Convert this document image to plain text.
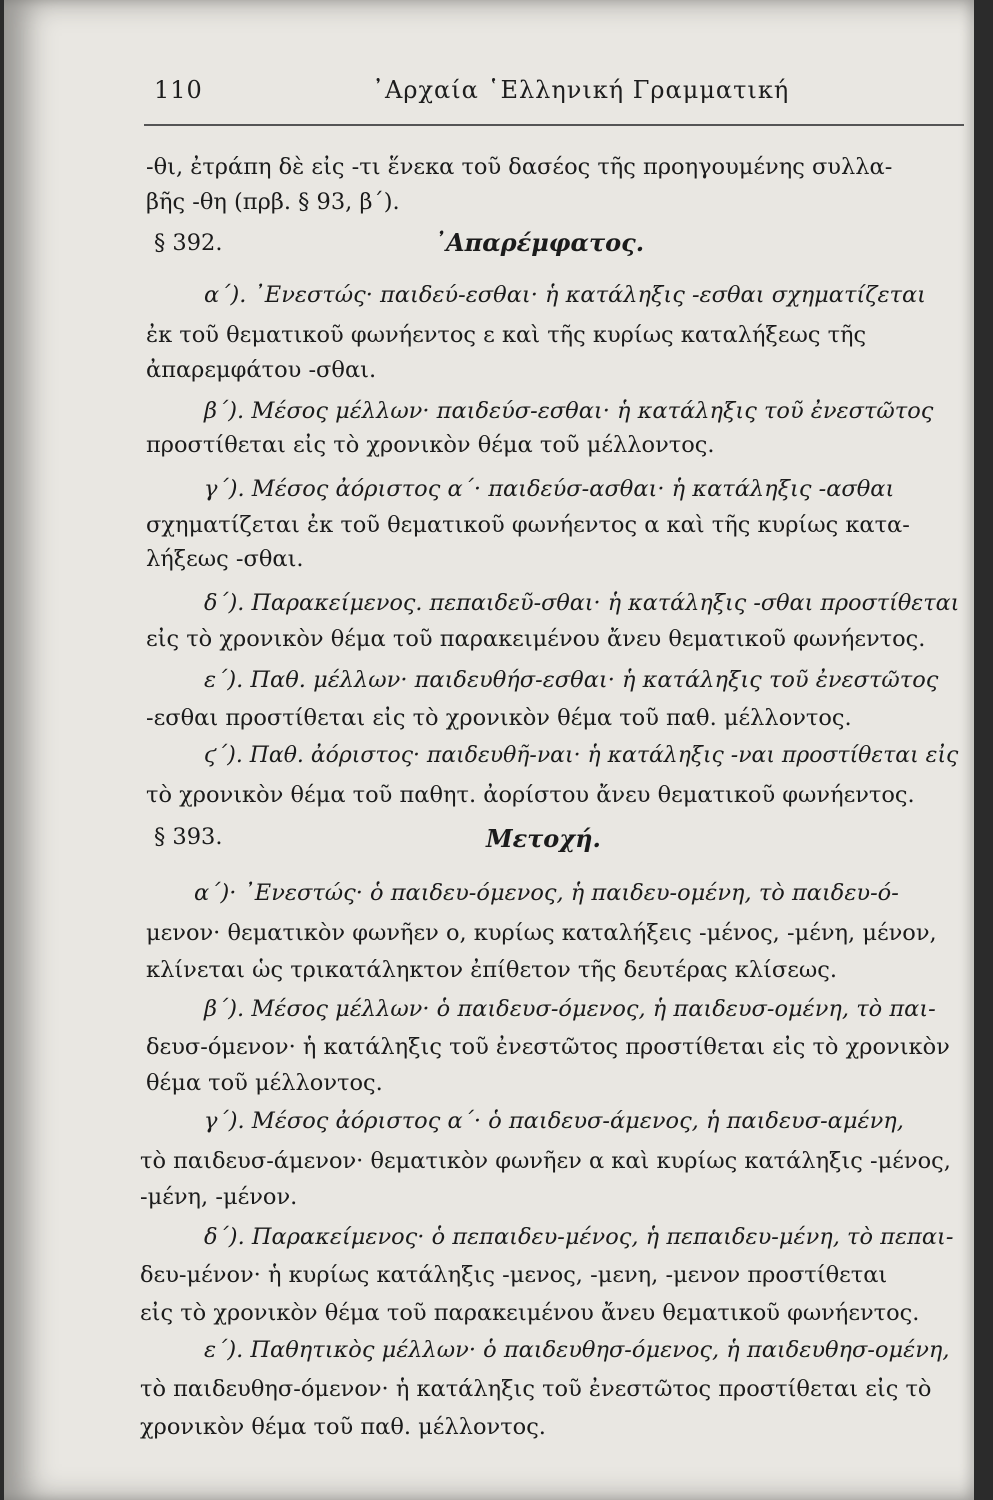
110	᾽Αρχαία ῾Ελληνική Γραμματική
-θι, ἐτράπη δὲ εἰς -τι ἕνεκα τοῦ δασέος τῆς προηγουμένης συλλα-
βῆς -θη (πρβ. § 93, β΄).
§ 392.	᾽Απαρέμφατος.
α΄). ᾽Ενεστώς· παιδεύ-εσθαι· ἡ κατάληξις -εσθαι σχηματίζεται
ἐκ τοῦ θεματικοῦ φωνήεντος ε καὶ τῆς κυρίως καταλήξεως τῆς
ἀπαρεμφάτου -σθαι.
β΄). Μέσος μέλλων· παιδεύσ-εσθαι· ἡ κατάληξις τοῦ ἐνεστῶτος
προστίθεται εἰς τὸ χρονικὸν θέμα τοῦ μέλλοντος.
γ΄). Μέσος ἀόριστος α΄· παιδεύσ-ασθαι· ἡ κατάληξις -ασθαι
σχηματίζεται ἐκ τοῦ θεματικοῦ φωνήεντος α καὶ τῆς κυρίως κατα-
λήξεως -σθαι.
δ΄). Παρακείμενος. πεπαιδεῦ-σθαι· ἡ κατάληξις -σθαι προστίθεται
εἰς τὸ χρονικὸν θέμα τοῦ παρακειμένου ἄνευ θεματικοῦ φωνήεντος.
ε΄). Παθ. μέλλων· παιδευθήσ-εσθαι· ἡ κατάληξις τοῦ ἐνεστῶτος
-εσθαι προστίθεται εἰς τὸ χρονικὸν θέμα τοῦ παθ. μέλλοντος.
ϛ΄). Παθ. ἀόριστος· παιδευθῆ-ναι· ἡ κατάληξις -ναι προστίθεται εἰς
τὸ χρονικὸν θέμα τοῦ παθητ. ἀορίστου ἄνευ θεματικοῦ φωνήεντος.
§ 393.	Μετοχή.
α΄)· ᾽Ενεστώς· ὁ παιδευ-όμενος, ἡ παιδευ-ομένη, τὸ παιδευ-ό-
μενον· θεματικὸν φωνῆεν ο, κυρίως καταλήξεις -μένος, -μένη, μένον,
κλίνεται ὡς τρικατάληκτον ἐπίθετον τῆς δευτέρας κλίσεως.
β΄). Μέσος μέλλων· ὁ παιδευσ-όμενος, ἡ παιδευσ-ομένη, τὸ παι-
δευσ-όμενον· ἡ κατάληξις τοῦ ἐνεστῶτος προστίθεται εἰς τὸ χρονικὸν
θέμα τοῦ μέλλοντος.
γ΄). Μέσος ἀόριστος α΄· ὁ παιδευσ-άμενος, ἡ παιδευσ-αμένη,
τὸ παιδευσ-άμενον· θεματικὸν φωνῆεν α καὶ κυρίως κατάληξις -μένος,
-μένη, -μένον.
δ΄). Παρακείμενος· ὁ πεπαιδευ-μένος, ἡ πεπαιδευ-μένη, τὸ πεπαι-
δευ-μένον· ἡ κυρίως κατάληξις -μενος, -μενη, -μενον προστίθεται
εἰς τὸ χρονικὸν θέμα τοῦ παρακειμένου ἄνευ θεματικοῦ φωνήεντος.
ε΄). Παθητικὸς μέλλων· ὁ παιδευθησ-όμενος, ἡ παιδευθησ-ομένη,
τὸ παιδευθησ-όμενον· ἡ κατάληξις τοῦ ἐνεστῶτος προστίθεται εἰς τὸ
χρονικὸν θέμα τοῦ παθ. μέλλοντος.
